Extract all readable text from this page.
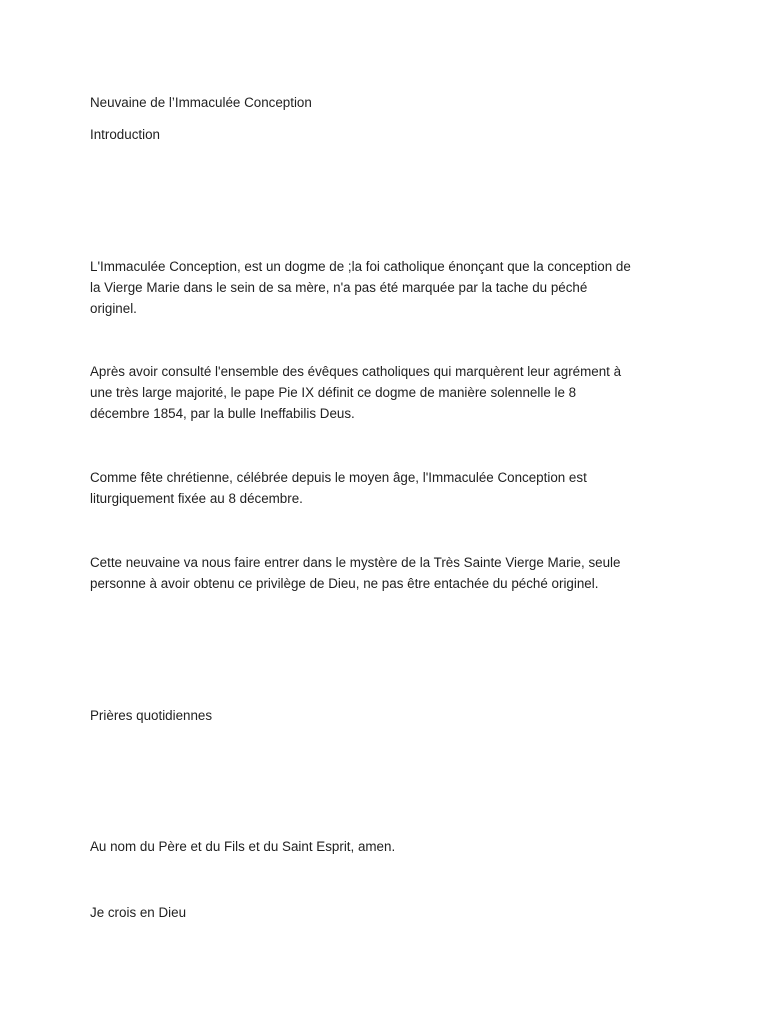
Neuvaine de l’Immaculée Conception

Introduction

L'Immaculée Conception, est un dogme de ;la foi catholique énonçant que la conception de
la Vierge Marie dans le sein de sa mère, n'a pas été marquée par la tache du péché
originel.
Après avoir consulté l'ensemble des évêques catholiques qui marquèrent leur agrément à
une très large majorité, le pape Pie IX définit ce dogme de manière solennelle le 8
décembre 1854, par la bulle Ineffabilis Deus.
Comme fête chrétienne, célébrée depuis le moyen âge, l'Immaculée Conception est
liturgiquement fixée au 8 décembre.
Cette neuvaine va nous faire entrer dans le mystère de la Très Sainte Vierge Marie, seule
personne à avoir obtenu ce privilège de Dieu, ne pas être entachée du péché originel.

Prières quotidiennes

Au nom du Père et du Fils et du Saint Esprit, amen.

Je crois en Dieu
